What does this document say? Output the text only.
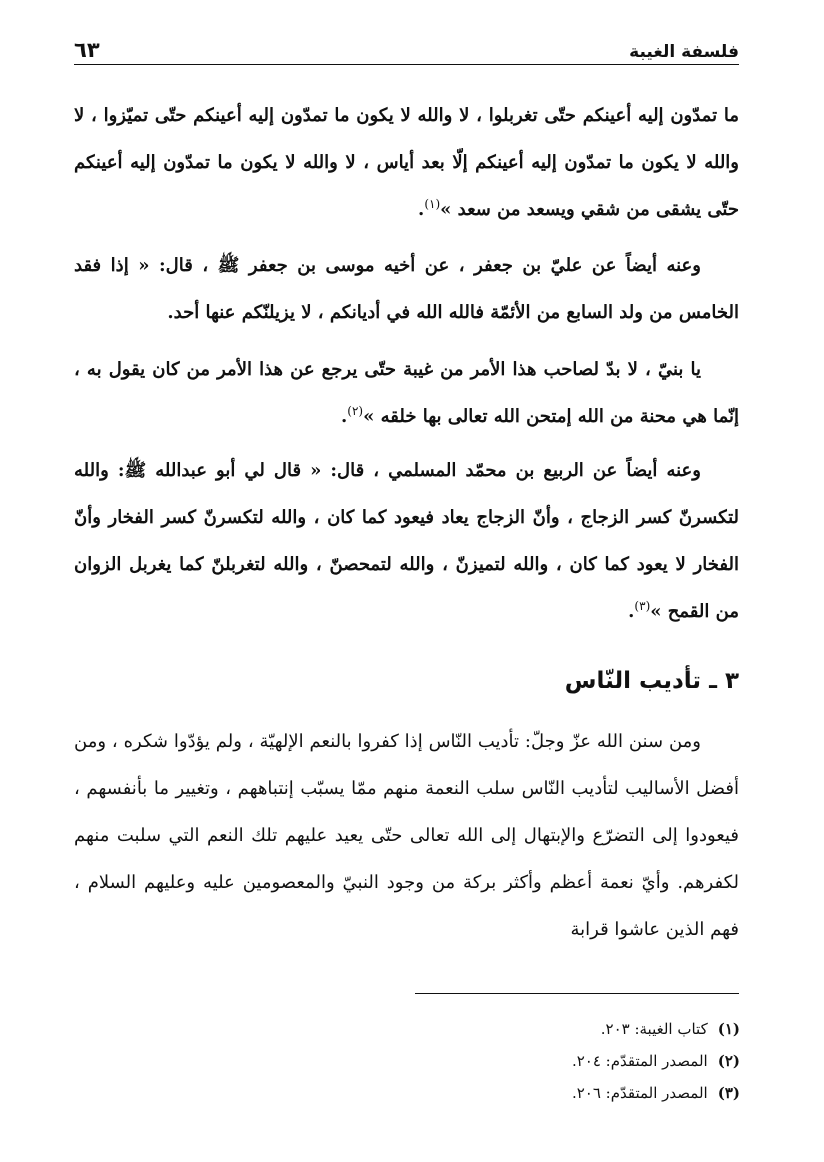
فلسفة الغيبة
٦٣

ما تمدّون إليه أعينكم حتّى تغربلوا ، لا والله لا يكون ما تمدّون إليه أعينكم حتّى تميّزوا ، لا والله لا يكون ما تمدّون إليه أعينكم إلّا بعد أياس ، لا والله لا يكون ما تمدّون إليه أعينكم حتّى يشقى من شقي ويسعد من سعد »$^{(١)}$.

وعنه أيضاً عن عليّ بن جعفر ، عن أخيه موسى بن جعفر ﷺ ، قال: « إذا فقد الخامس من ولد السابع من الأئمّة فالله الله في أديانكم ، لا يزيلنّكم عنها أحد.

يا بنيّ ، لا بدّ لصاحب هذا الأمر من غيبة حتّى يرجع عن هذا الأمر من كان يقول به ، إنّما هي محنة من الله إمتحن الله تعالى بها خلقه »$^{(٢)}$.

وعنه أيضاً عن الربيع بن محمّد المسلمي ، قال: « قال لي أبو عبدالله ﷺ: والله لتكسرنّ كسر الزجاج ، وأنّ الزجاج يعاد فيعود كما كان ، والله لتكسرنّ كسر الفخار وأنّ الفخار لا يعود كما كان ، والله لتميزنّ ، والله لتمحصنّ ، والله لتغربلنّ كما يغربل الزوان من القمح »$^{(٣)}$.

٣ ـ تأديب النّاس

ومن سنن الله عزّ وجلّ: تأديب النّاس إذا كفروا بالنعم الإلهيّة ، ولم يؤدّوا شكره ، ومن أفضل الأساليب لتأديب النّاس سلب النعمة منهم ممّا يسبّب إنتباههم ، وتغيير ما بأنفسهم ، فيعودوا إلى التضرّع والإبتهال إلى الله تعالى حتّى يعيد عليهم تلك النعم التي سلبت منهم لكفرهم. وأيّ نعمة أعظم وأكثر بركة من وجود النبيّ والمعصومين عليه وعليهم السلام ، فهم الذين عاشوا قرابة

(١)كتاب الغيبة: ٢٠٣.
(٢)المصدر المتقدّم: ٢٠٤.
(٣)المصدر المتقدّم: ٢٠٦.
